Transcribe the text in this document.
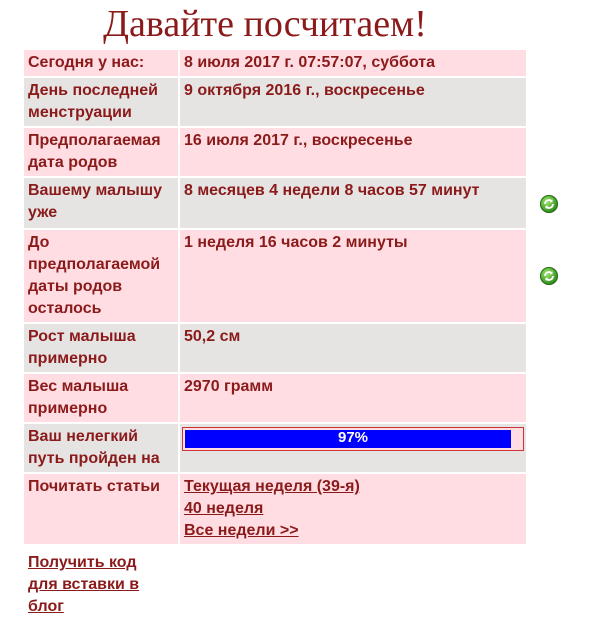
Давайте посчитаем!
Сегодня у нас:	8 июля 2017 г. 07:57:07, суббота
День последней менструации
9 октября 2016 г., воскресенье
Предполагаемая дата родов
16 июля 2017 г., воскресенье
Вашему малышу уже
8 месяцев 4 недели 8 часов 57 минут
До предполагаемой даты родов осталось
1 неделя 16 часов 2 минуты
Рост малыша примерно
50,2 см
Вес малыша примерно
2970 грамм
Ваш нелегкий путь пройден на
97%
Почитать статьи	Текущая неделя (39-я)
40 неделя
Все недели >>
Получить код для вставки в блог
